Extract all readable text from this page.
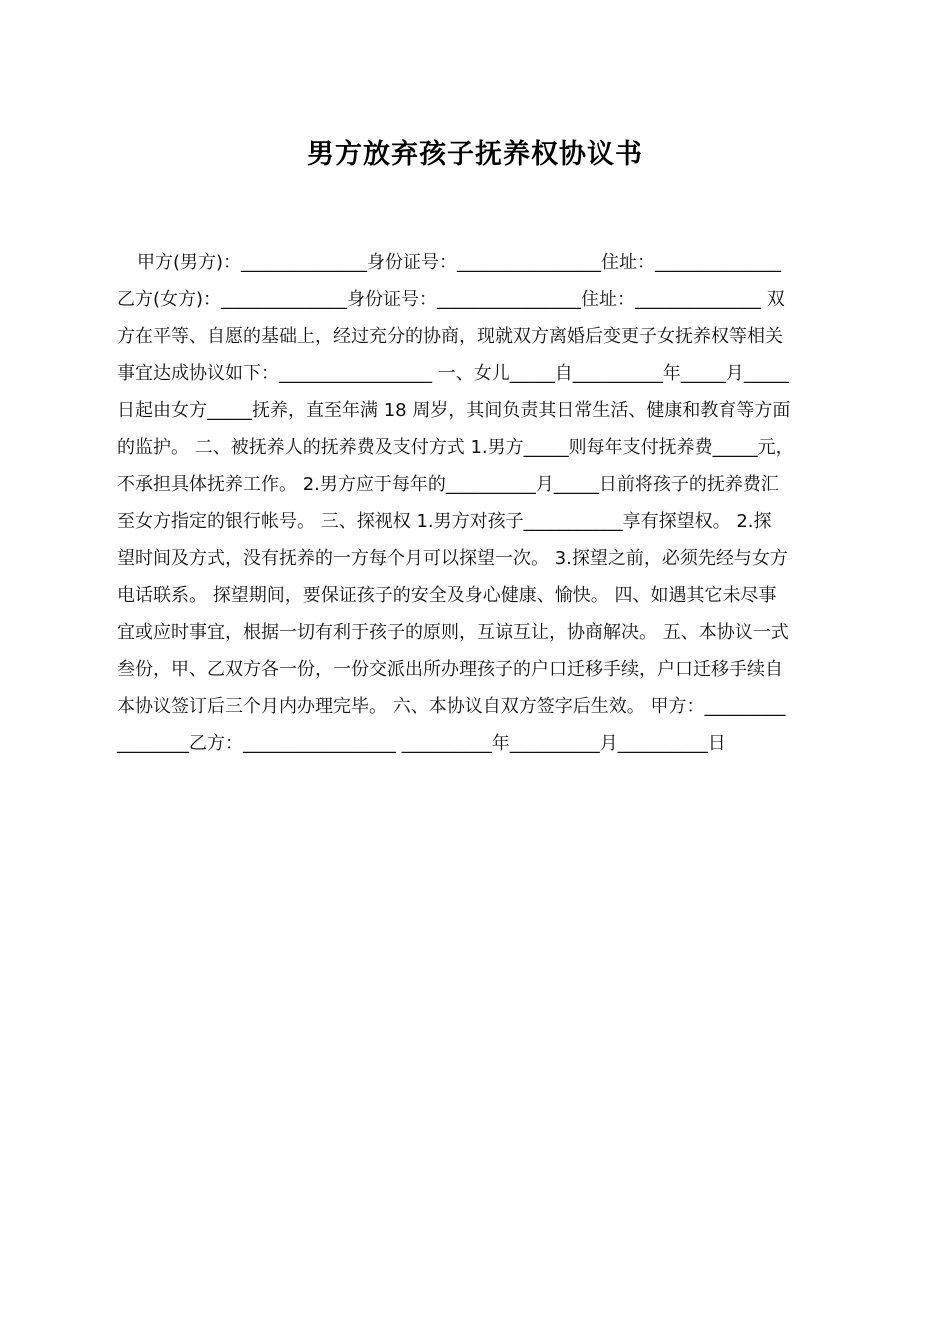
男方放弃孩子抚养权协议书
甲方(男方)：______________身份证号：________________住址：______________
乙方(女方)：______________身份证号：________________住址：______________ 双
方在平等、自愿的基础上，经过充分的协商，现就双方离婚后变更子女抚养权等相关
事宜达成协议如下：_________________ 一、女儿_____自__________年_____月_____
日起由女方_____抚养，直至年满 18 周岁，其间负责其日常生活、健康和教育等方面
的监护。 二、被抚养人的抚养费及支付方式 1.男方_____则每年支付抚养费_____元，
不承担具体抚养工作。 2.男方应于每年的__________月_____日前将孩子的抚养费汇
至女方指定的银行帐号。 三、探视权 1.男方对孩子___________享有探望权。 2.探
望时间及方式，没有抚养的一方每个月可以探望一次。 3.探望之前，必须先经与女方
电话联系。 探望期间，要保证孩子的安全及身心健康、愉快。 四、如遇其它未尽事
宜或应时事宜，根据一切有利于孩子的原则，互谅互让，协商解决。 五、本协议一式
叁份，甲、乙双方各一份，一份交派出所办理孩子的户口迁移手续，户口迁移手续自
本协议签订后三个月内办理完毕。 六、本协议自双方签字后生效。 甲方：_________
________乙方：_________________ __________年__________月__________日
